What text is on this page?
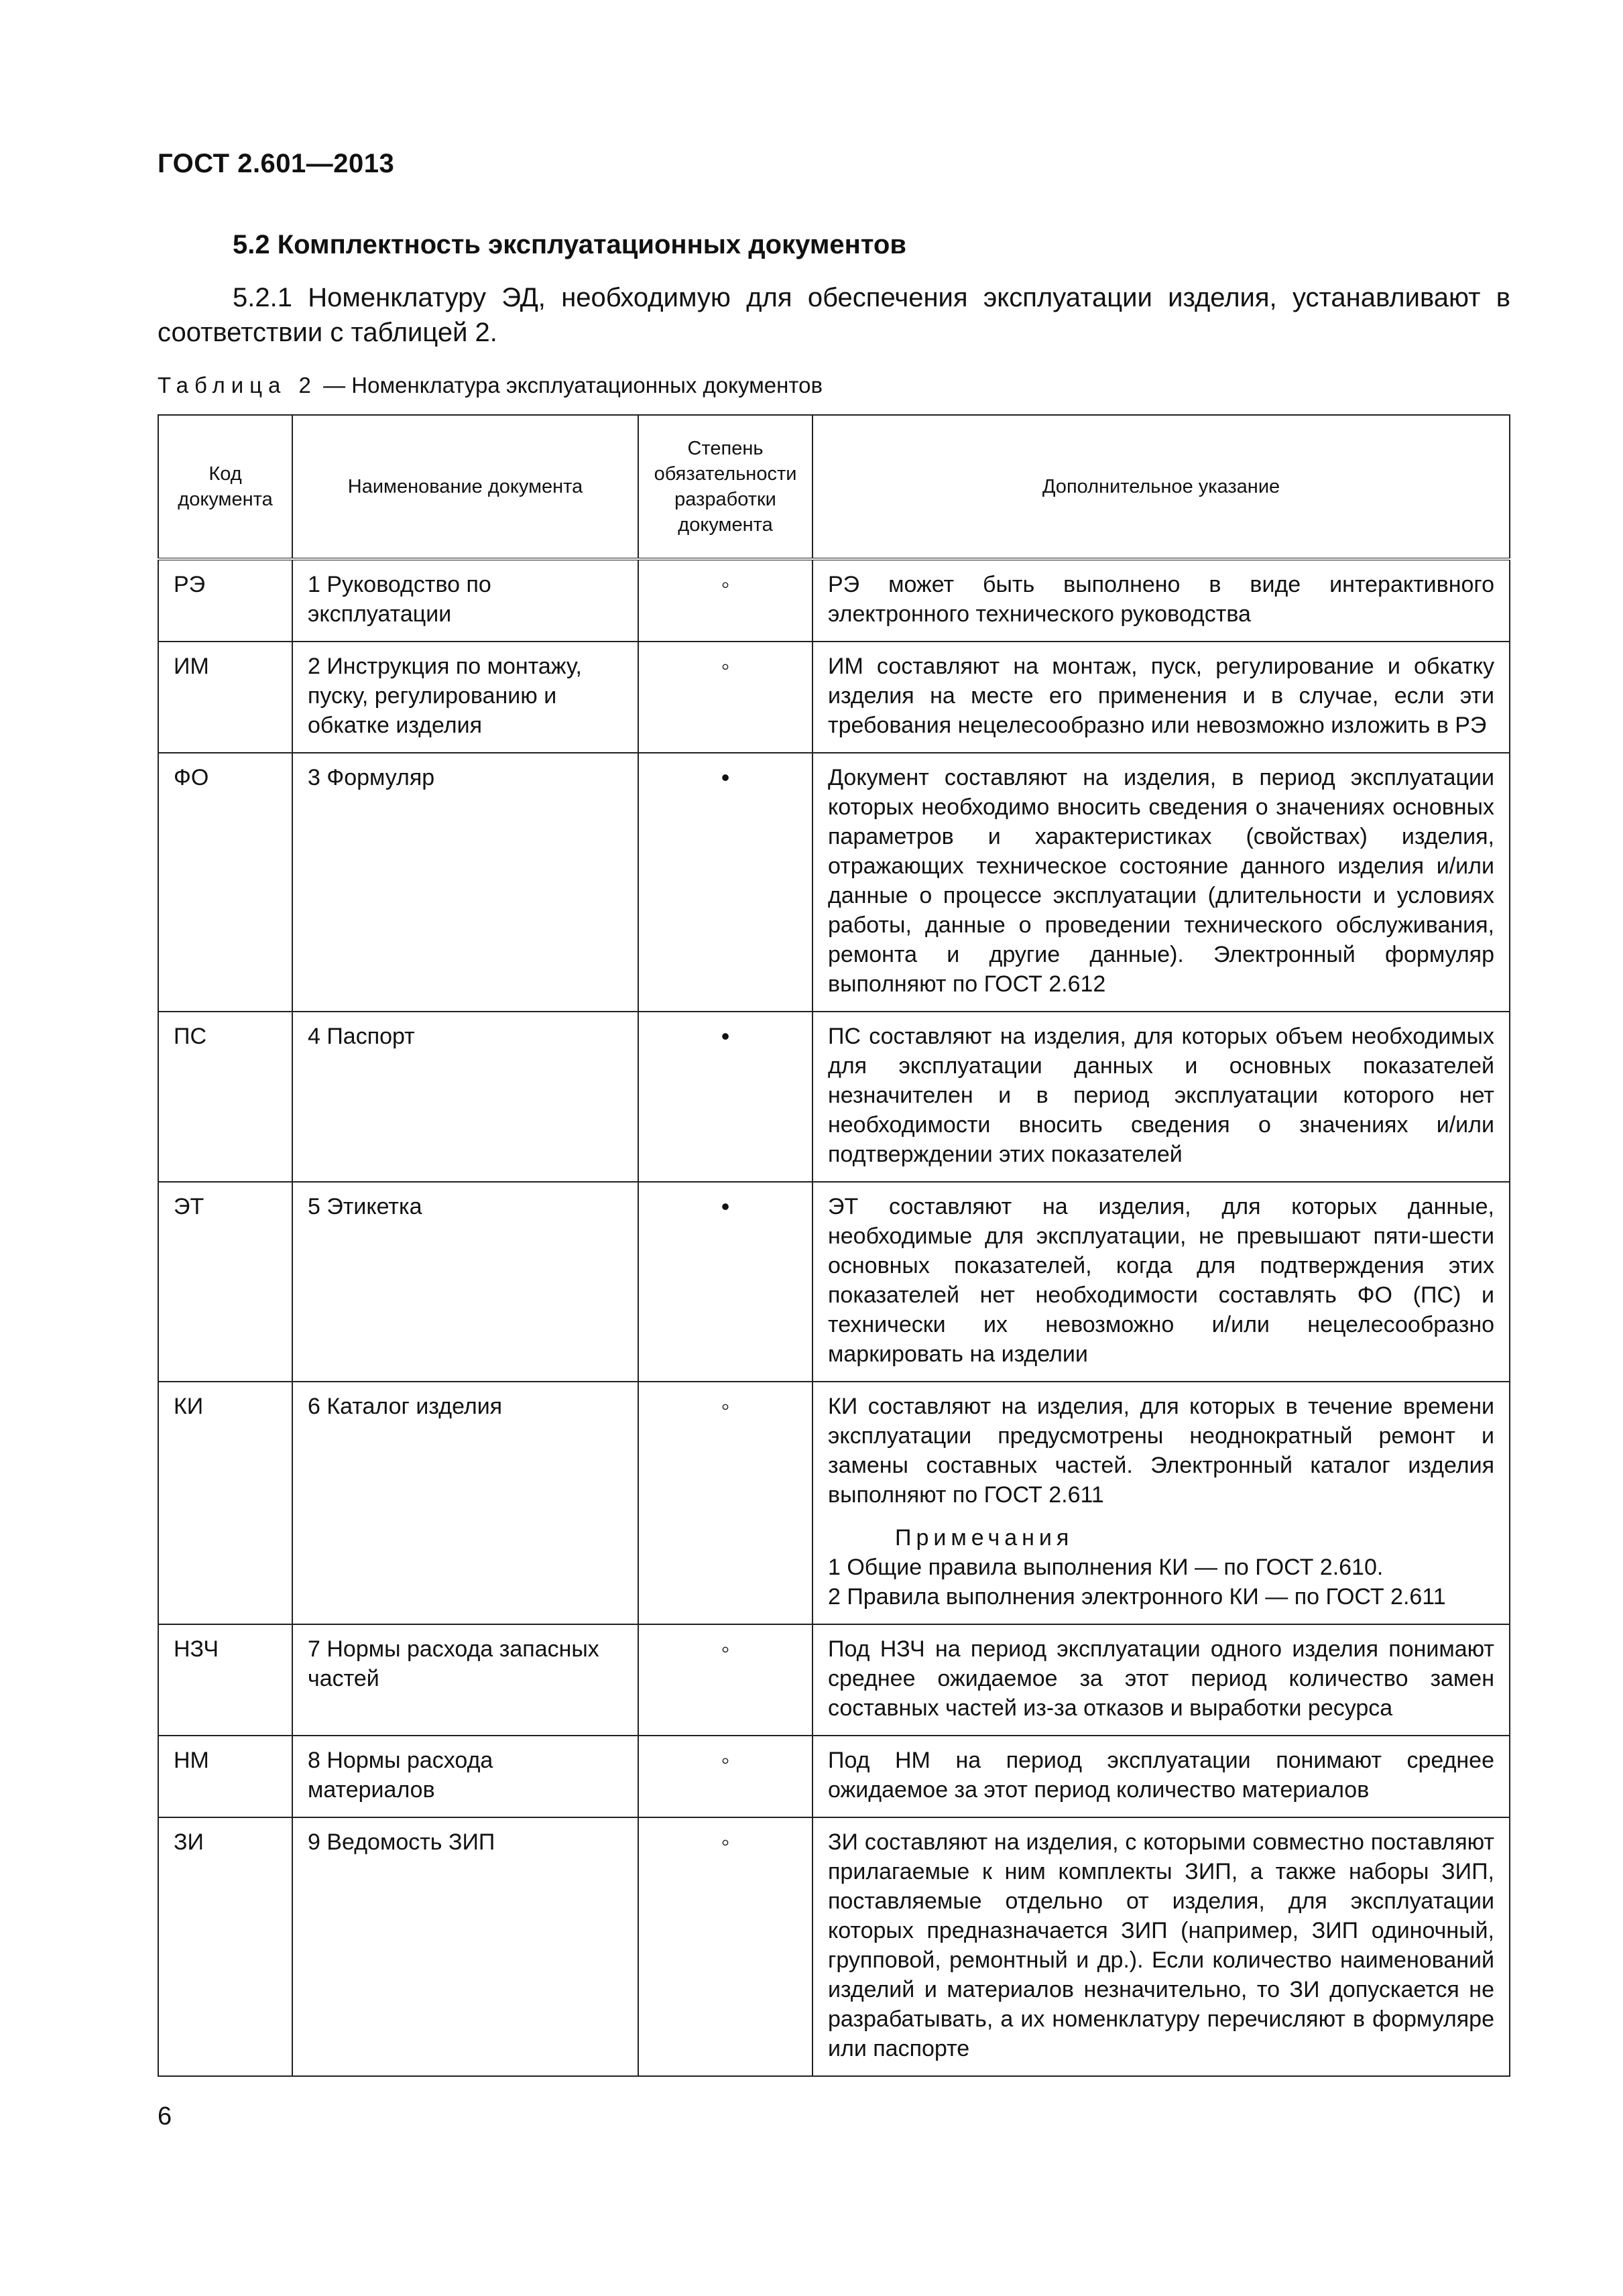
ГОСТ 2.601—2013
5.2 Комплектность эксплуатационных документов
5.2.1 Номенклатуру ЭД, необходимую для обеспечения эксплуатации изделия, устанавливают в соответствии с таблицей 2.
Таблица 2 — Номенклатура эксплуатационных документов
Код документа	Наименование документа	Степень обязательности разработки документа	Дополнительное указание
РЭ	1 Руководство по эксплуатации	◦	РЭ может быть выполнено в виде интерактивного электронного технического руководства
ИМ	2 Инструкция по монтажу, пуску, регулированию и обкатке изделия	◦	ИМ составляют на монтаж, пуск, регулирование и обкатку изделия на месте его применения и в случае, если эти требования нецелесообразно или невозможно изложить в РЭ
ФО	3 Формуляр	•	Документ составляют на изделия, в период эксплуатации которых необходимо вносить сведения о значениях основных параметров и характеристиках (свойствах) изделия, отражающих техническое состояние данного изделия и/или данные о процессе эксплуатации (длительности и условиях работы, данные о проведении технического обслуживания, ремонта и другие данные). Электронный формуляр выполняют по ГОСТ 2.612
ПС	4 Паспорт	•	ПС составляют на изделия, для которых объем необходимых для эксплуатации данных и основных показателей незначителен и в период эксплуатации которого нет необходимости вносить сведения о значениях и/или подтверждении этих показателей
ЭТ	5 Этикетка	•	ЭТ составляют на изделия, для которых данные, необходимые для эксплуатации, не превышают пяти-шести основных показателей, когда для подтверждения этих показателей нет необходимости составлять ФО (ПС) и технически их невозможно и/или нецелесообразно маркировать на изделии
КИ	6 Каталог изделия	◦	КИ составляют на изделия, для которых в течение времени эксплуатации предусмотрены неоднократный ремонт и замены составных частей. Электронный каталог изделия выполняют по ГОСТ 2.611
Примечания
1 Общие правила выполнения КИ — по ГОСТ 2.610.
2 Правила выполнения электронного КИ — по ГОСТ 2.611

НЗЧ	7 Нормы расхода запасных частей	◦	Под НЗЧ на период эксплуатации одного изделия понимают среднее ожидаемое за этот период количество замен составных частей из-за отказов и выработки ресурса
НМ	8 Нормы расхода материалов	◦	Под НМ на период эксплуатации понимают среднее ожидаемое за этот период количество материалов
ЗИ	9 Ведомость ЗИП	◦	ЗИ составляют на изделия, с которыми совместно поставляют прилагаемые к ним комплекты ЗИП, а также наборы ЗИП, поставляемые отдельно от изделия, для эксплуатации которых предназначается ЗИП (например, ЗИП одиночный, групповой, ремонтный и др.). Если количество наименований изделий и материалов незначительно, то ЗИ допускается не разрабатывать, а их номенклатуру перечисляют в формуляре или паспорте
6
